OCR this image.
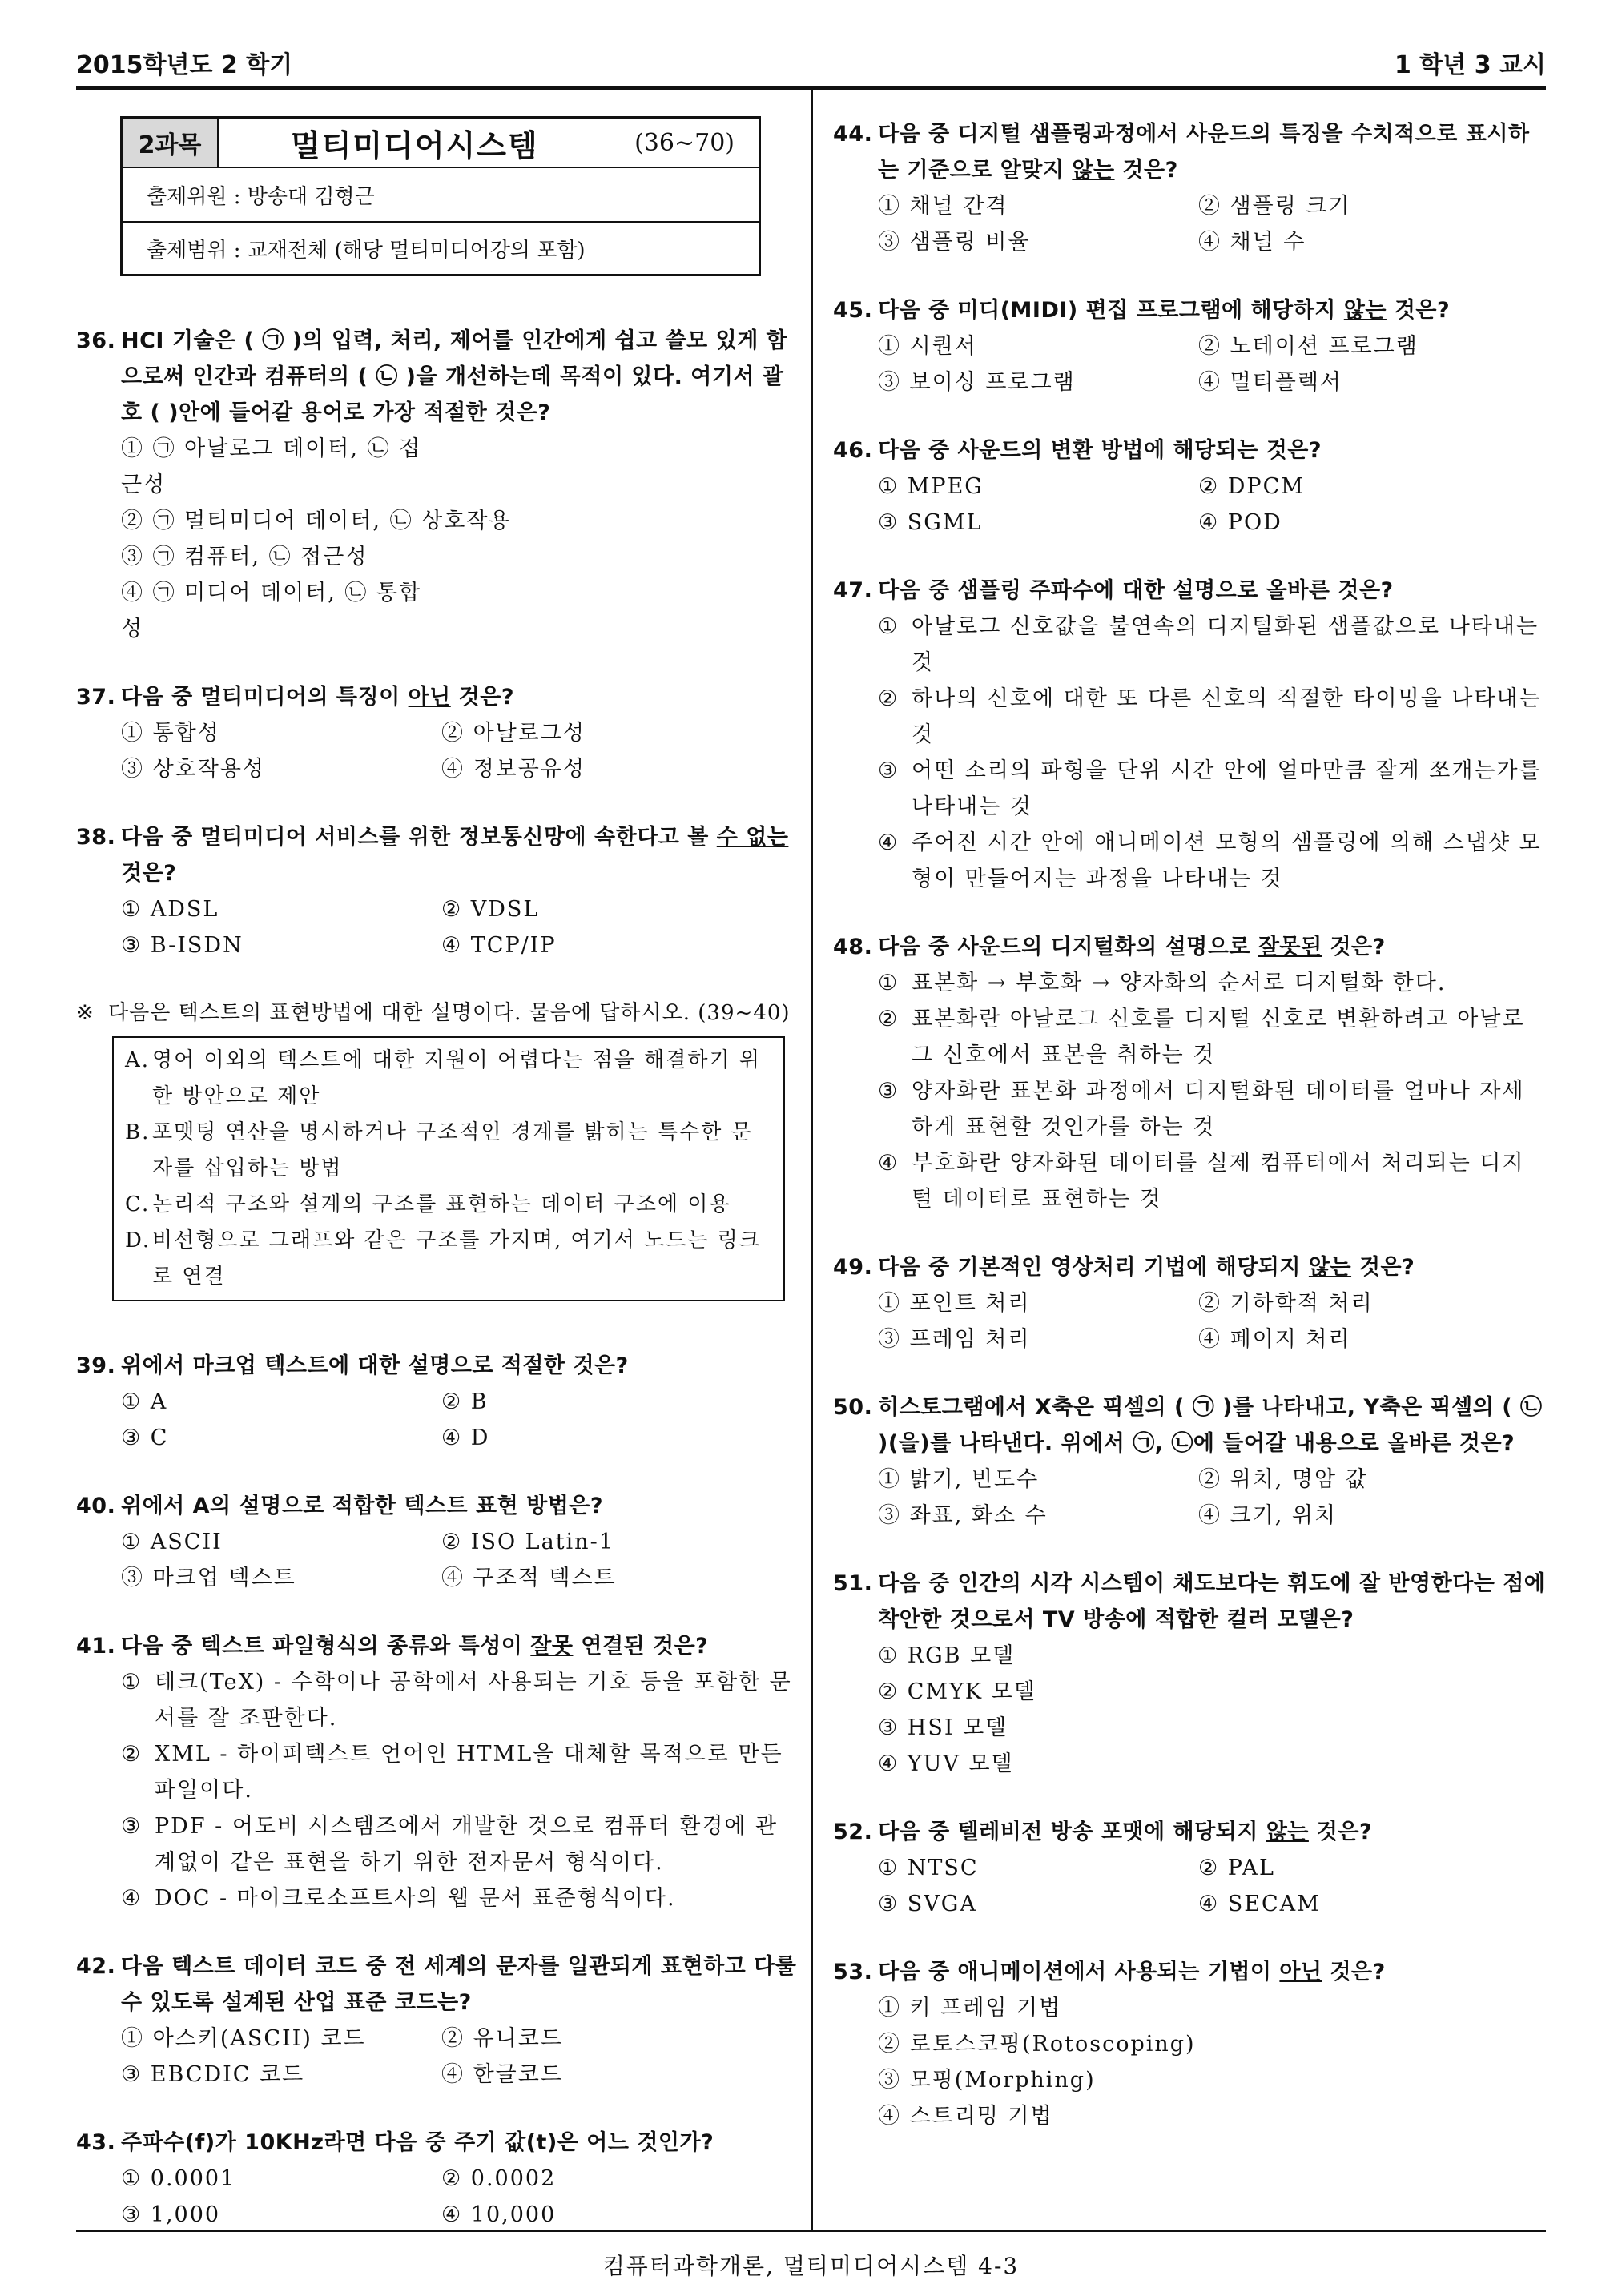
2015학년도 2 학기	1 학년 3 교시
2과목	멀티미디어시스템	(36~70)
출제위원 : 방송대 김형근
출제범위 : 교재전체 (해당 멀티미디어강의 포함)
36. HCI 기술은 ( ㉠ )의 입력, 처리, 제어를 인간에게 쉽고 쓸모 있게 함으로써 인간과 컴퓨터의 ( ㉡ )을 개선하는데 목적이 있다. 여기서 괄호 ( )안에 들어갈 용어로 가장 적절한 것은?
① ㉠ 아날로그 데이터, ㉡ 접근성
② ㉠ 멀티미디어 데이터, ㉡ 상호작용
③ ㉠ 컴퓨터, ㉡ 접근성
④ ㉠ 미디어 데이터, ㉡ 통합성
37. 다음 중 멀티미디어의 특징이 아닌 것은?
① 통합성	② 아날로그성
③ 상호작용성	④ 정보공유성
38. 다음 중 멀티미디어 서비스를 위한 정보통신망에 속한다고 볼 수 없는 것은?
① ADSL	② VDSL
③ B-ISDN	④ TCP/IP
※ 다음은 텍스트의 표현방법에 대한 설명이다. 물음에 답하시오. (39~40)
A. 영어 이외의 텍스트에 대한 지원이 어렵다는 점을 해결하기 위한 방안으로 제안
B. 포맷팅 연산을 명시하거나 구조적인 경계를 밝히는 특수한 문자를 삽입하는 방법
C. 논리적 구조와 설계의 구조를 표현하는 데이터 구조에 이용
D. 비선형으로 그래프와 같은 구조를 가지며, 여기서 노드는 링크로 연결
39. 위에서 마크업 텍스트에 대한 설명으로 적절한 것은?
① A	② B
③ C	④ D
40. 위에서 A의 설명으로 적합한 텍스트 표현 방법은?
① ASCII	② ISO Latin-1
③ 마크업 텍스트	④ 구조적 텍스트
41. 다음 중 텍스트 파일형식의 종류와 특성이 잘못 연결된 것은?
① 테크(TeX) - 수학이나 공학에서 사용되는 기호 등을 포함한 문서를 잘 조판한다.
② XML - 하이퍼텍스트 언어인 HTML을 대체할 목적으로 만든 파일이다.
③ PDF - 어도비 시스템즈에서 개발한 것으로 컴퓨터 환경에 관계없이 같은 표현을 하기 위한 전자문서 형식이다.
④ DOC - 마이크로소프트사의 웹 문서 표준형식이다.
42. 다음 텍스트 데이터 코드 중 전 세계의 문자를 일관되게 표현하고 다룰 수 있도록 설계된 산업 표준 코드는?
① 아스키(ASCII) 코드	② 유니코드
③ EBCDIC 코드	④ 한글코드
43. 주파수(f)가 10KHz라면 다음 중 주기 값(t)은 어느 것인가?
① 0.0001	② 0.0002
③ 1,000	④ 10,000
44. 다음 중 디지털 샘플링과정에서 사운드의 특징을 수치적으로 표시하는 기준으로 알맞지 않는 것은?
① 채널 간격	② 샘플링 크기
③ 샘플링 비율	④ 채널 수
45. 다음 중 미디(MIDI) 편집 프로그램에 해당하지 않는 것은?
① 시퀀서	② 노테이션 프로그램
③ 보이싱 프로그램	④ 멀티플렉서
46. 다음 중 사운드의 변환 방법에 해당되는 것은?
① MPEG	② DPCM
③ SGML	④ POD
47. 다음 중 샘플링 주파수에 대한 설명으로 올바른 것은?
① 아날로그 신호값을 불연속의 디지털화된 샘플값으로 나타내는 것
② 하나의 신호에 대한 또 다른 신호의 적절한 타이밍을 나타내는 것
③ 어떤 소리의 파형을 단위 시간 안에 얼마만큼 잘게 쪼개는가를 나타내는 것
④ 주어진 시간 안에 애니메이션 모형의 샘플링에 의해 스냅샷 모형이 만들어지는 과정을 나타내는 것
48. 다음 중 사운드의 디지털화의 설명으로 잘못된 것은?
① 표본화 → 부호화 → 양자화의 순서로 디지털화 한다.
② 표본화란 아날로그 신호를 디지털 신호로 변환하려고 아날로그 신호에서 표본을 취하는 것
③ 양자화란 표본화 과정에서 디지털화된 데이터를 얼마나 자세하게 표현할 것인가를 하는 것
④ 부호화란 양자화된 데이터를 실제 컴퓨터에서 처리되는 디지털 데이터로 표현하는 것
49. 다음 중 기본적인 영상처리 기법에 해당되지 않는 것은?
① 포인트 처리	② 기하학적 처리
③ 프레임 처리	④ 페이지 처리
50. 히스토그램에서 X축은 픽셀의 ( ㉠ )를 나타내고, Y축은 픽셀의 ( ㉡ )(을)를 나타낸다. 위에서 ㉠, ㉡에 들어갈 내용으로 올바른 것은?
① 밝기, 빈도수	② 위치, 명암 값
③ 좌표, 화소 수	④ 크기, 위치
51. 다음 중 인간의 시각 시스템이 채도보다는 휘도에 잘 반영한다는 점에 착안한 것으로서 TV 방송에 적합한 컬러 모델은?
① RGB 모델
② CMYK 모델
③ HSI 모델
④ YUV 모델
52. 다음 중 텔레비전 방송 포맷에 해당되지 않는 것은?
① NTSC	② PAL
③ SVGA	④ SECAM
53. 다음 중 애니메이션에서 사용되는 기법이 아닌 것은?
① 키 프레임 기법
② 로토스코핑(Rotoscoping)
③ 모핑(Morphing)
④ 스트리밍 기법
컴퓨터과학개론, 멀티미디어시스템 4-3
